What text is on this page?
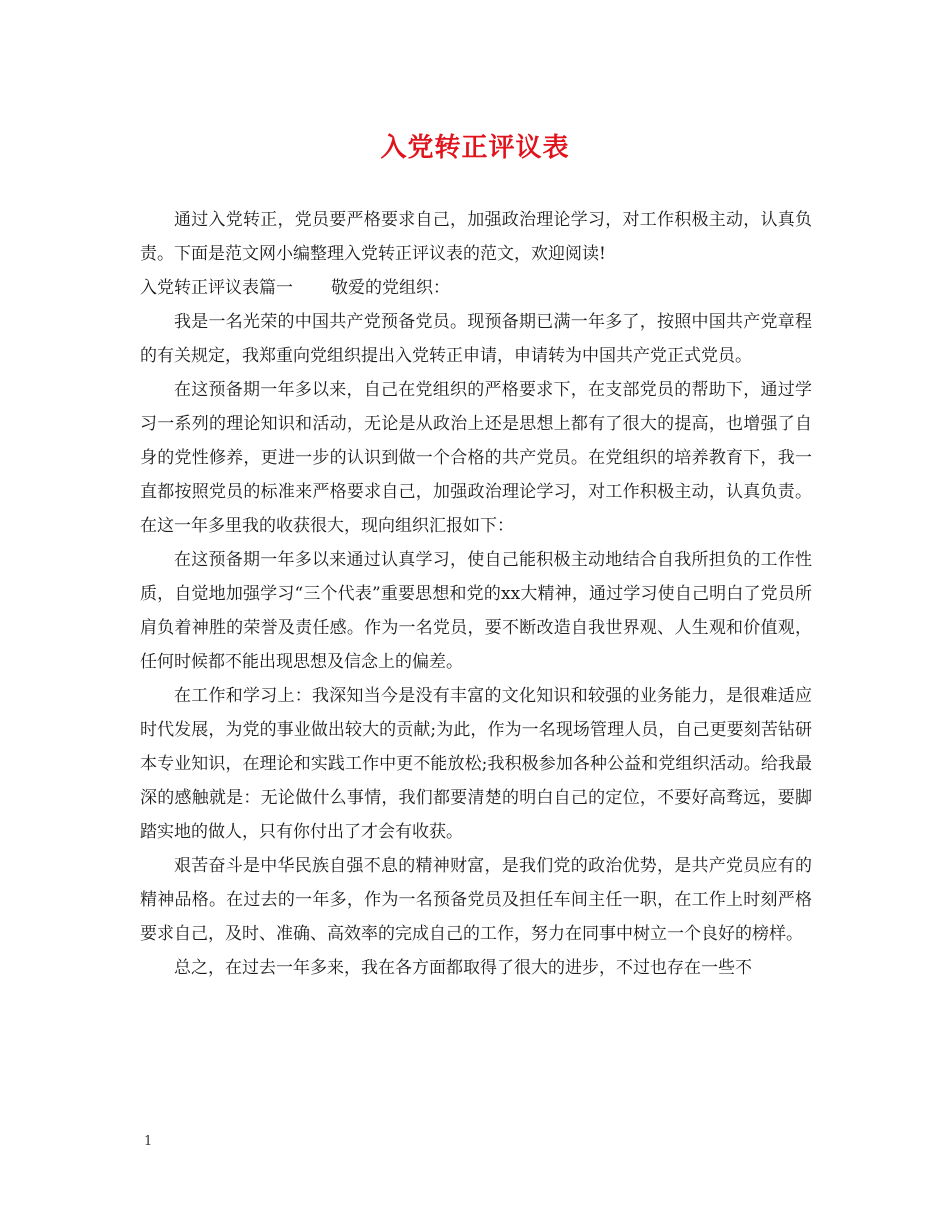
入党转正评议表

通过入党转正，党员要严格要求自己，加强政治理论学习，对工作积极主动，认真负责。下面是范文网小编整理入党转正评议表的范文，欢迎阅读!

入党转正评议表篇一 敬爱的党组织：

我是一名光荣的中国共产党预备党员。现预备期已满一年多了，按照中国共产党章程的有关规定，我郑重向党组织提出入党转正申请，申请转为中国共产党正式党员。

在这预备期一年多以来，自己在党组织的严格要求下，在支部党员的帮助下，通过学习一系列的理论知识和活动，无论是从政治上还是思想上都有了很大的提高，也增强了自身的党性修养，更进一步的认识到做一个合格的共产党员。在党组织的培养教育下，我一直都按照党员的标准来严格要求自己，加强政治理论学习，对工作积极主动，认真负责。在这一年多里我的收获很大，现向组织汇报如下：

在这预备期一年多以来通过认真学习，使自己能积极主动地结合自我所担负的工作性质，自觉地加强学习“三个代表”重要思想和党的xx大精神，通过学习使自己明白了党员所肩负着神胜的荣誉及责任感。作为一名党员，要不断改造自我世界观、人生观和价值观，任何时候都不能出现思想及信念上的偏差。

在工作和学习上：我深知当今是没有丰富的文化知识和较强的业务能力，是很难适应时代发展，为党的事业做出较大的贡献;为此，作为一名现场管理人员，自己更要刻苦钻研本专业知识，在理论和实践工作中更不能放松;我积极参加各种公益和党组织活动。给我最深的感触就是：无论做什么事情，我们都要清楚的明白自己的定位，不要好高骛远，要脚踏实地的做人，只有你付出了才会有收获。

艰苦奋斗是中华民族自强不息的精神财富，是我们党的政治优势，是共产党员应有的精神品格。在过去的一年多，作为一名预备党员及担任车间主任一职，在工作上时刻严格要求自己，及时、准确、高效率的完成自己的工作，努力在同事中树立一个良好的榜样。

总之，在过去一年多来，我在各方面都取得了很大的进步，不过也存在一些不

1
